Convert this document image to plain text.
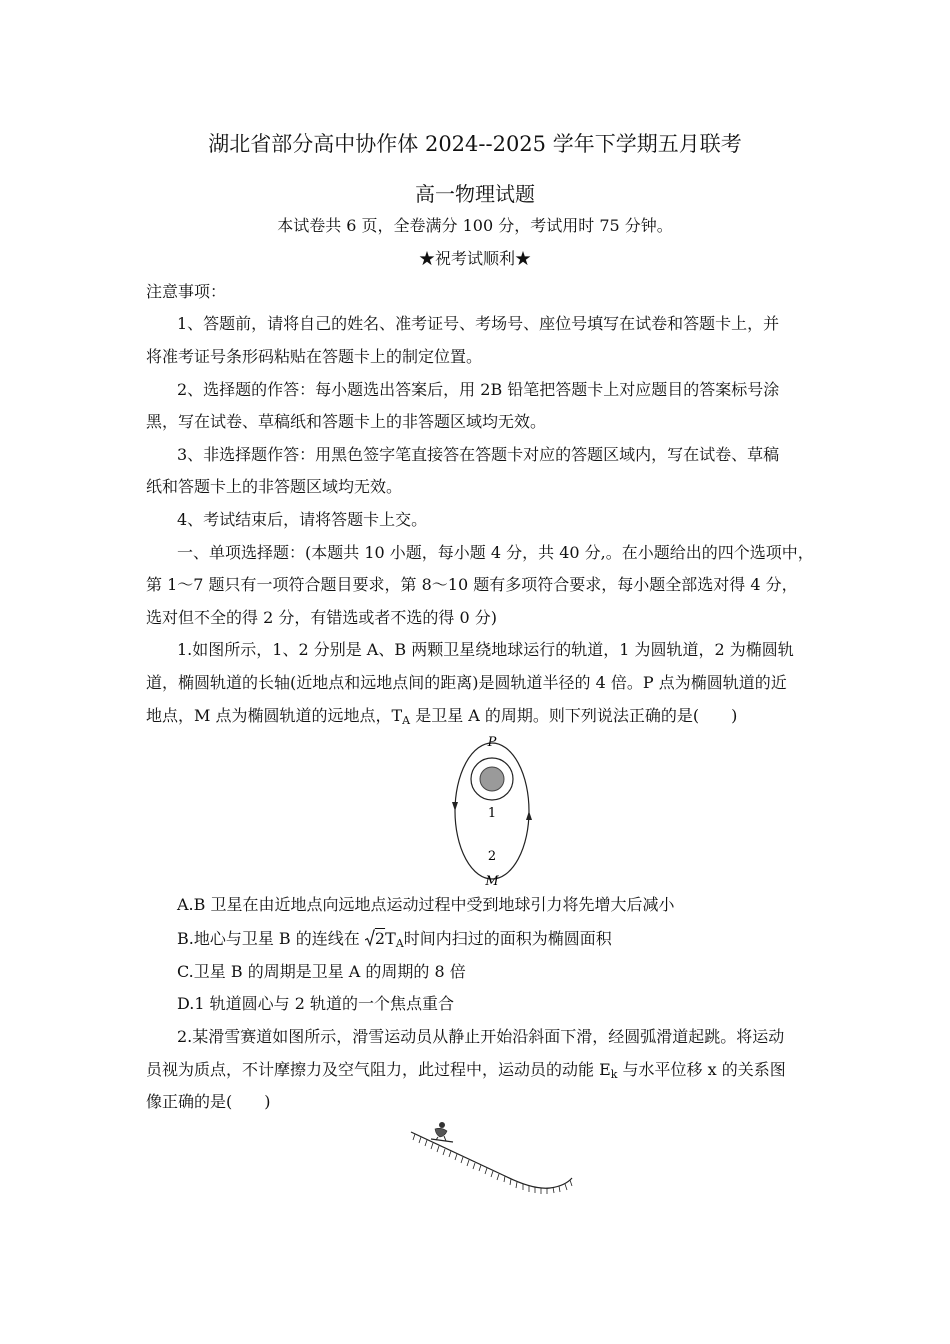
湖北省部分高中协作体 2024--2025 学年下学期五月联考
高一物理试题
本试卷共 6 页，全卷满分 100 分，考试用时 75 分钟。
★祝考试顺利★
注意事项：
1、答题前，请将自己的姓名、准考证号、考场号、座位号填写在试卷和答题卡上，并
将准考证号条形码粘贴在答题卡上的制定位置。
2、选择题的作答：每小题选出答案后，用 2B 铅笔把答题卡上对应题目的答案标号涂
黑，写在试卷、草稿纸和答题卡上的非答题区域均无效。
3、非选择题作答：用黑色签字笔直接答在答题卡对应的答题区域内，写在试卷、草稿
纸和答题卡上的非答题区域均无效。
4、考试结束后，请将答题卡上交。
一、单项选择题：(本题共 10 小题，每小题 4 分，共 40 分,。在小题给出的四个选项中，
第 1～7 题只有一项符合题目要求，第 8～10 题有多项符合要求，每小题全部选对得 4 分，
选对但不全的得 2 分，有错选或者不选的得 0 分)
1.如图所示，1、2 分别是 A、B 两颗卫星绕地球运行的轨道，1 为圆轨道，2 为椭圆轨
道，椭圆轨道的长轴(近地点和远地点间的距离)是圆轨道半径的 4 倍。P 点为椭圆轨道的近
地点，M 点为椭圆轨道的远地点，$T_A$ 是卫星 A 的周期。则下列说法正确的是(　　)
P
1
2
M
A.B 卫星在由近地点向远地点运动过程中受到地球引力将先增大后减小
B.地心与卫星 B 的连线在 $2T_A$时间内扫过的面积为椭圆面积
C.卫星 B 的周期是卫星 A 的周期的 8 倍
D.1 轨道圆心与 2 轨道的一个焦点重合
2.某滑雪赛道如图所示，滑雪运动员从静止开始沿斜面下滑，经圆弧滑道起跳。将运动
员视为质点，不计摩擦力及空气阻力，此过程中，运动员的动能 $E_k$ 与水平位移 x 的关系图
像正确的是(　　)
